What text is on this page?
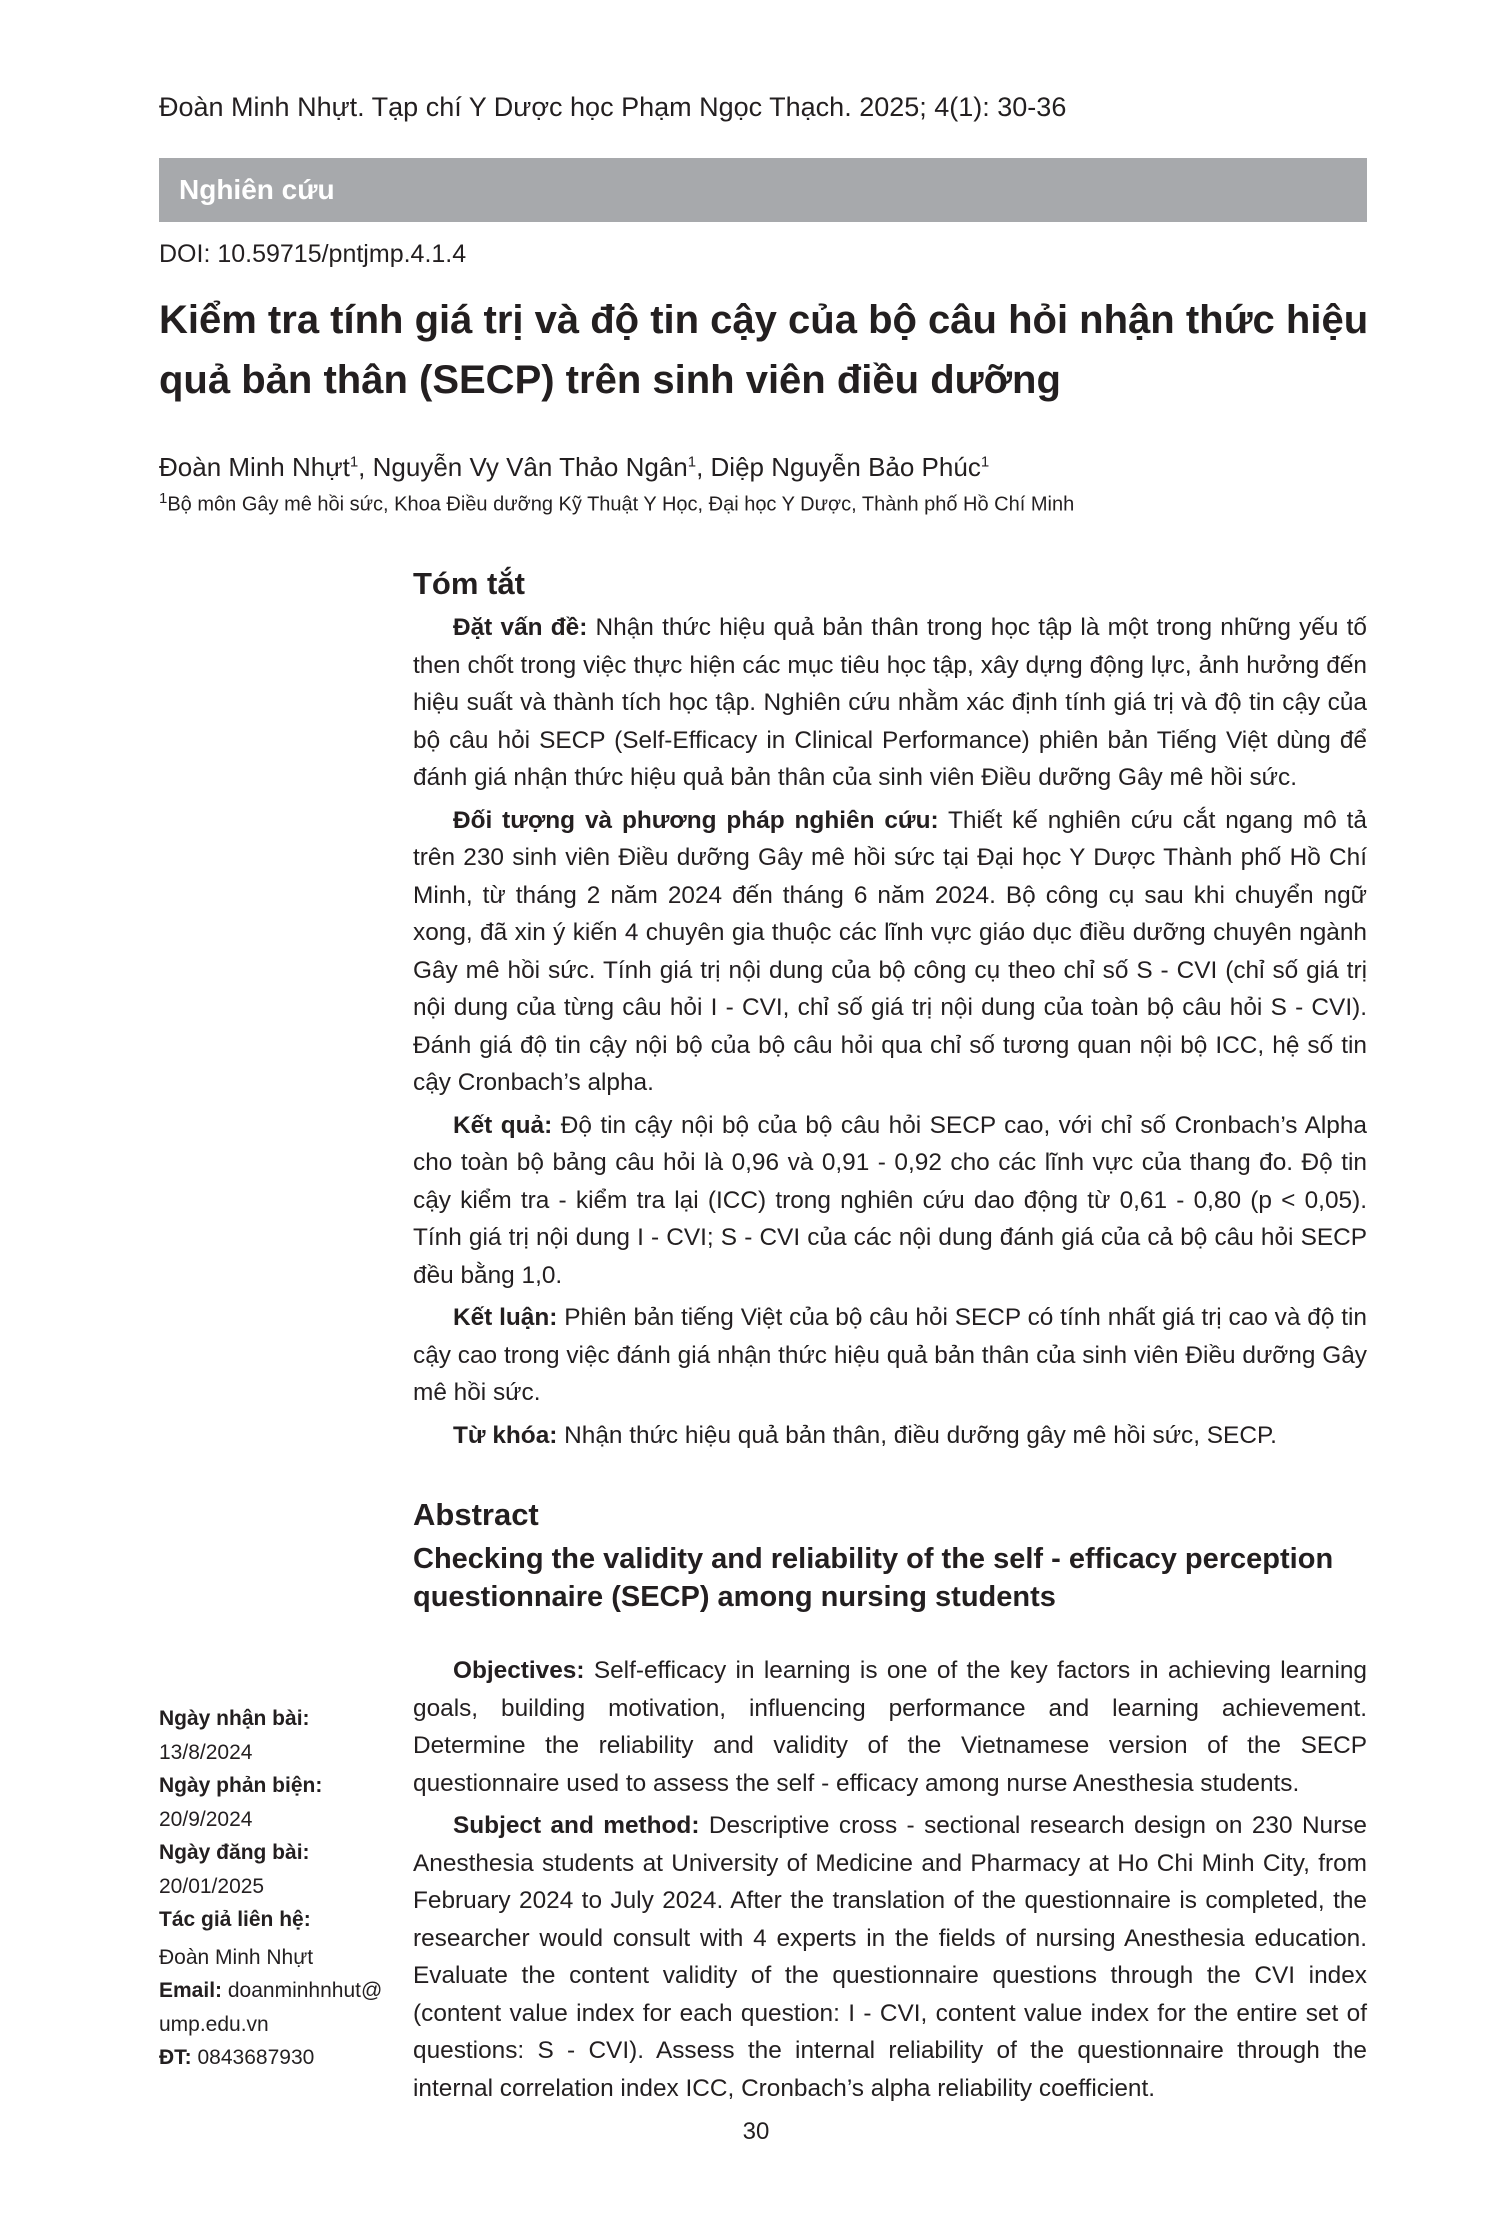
Đoàn Minh Nhựt. Tạp chí Y Dược học Phạm Ngọc Thạch. 2025; 4(1): 30-36
Nghiên cứu
DOI: 10.59715/pntjmp.4.1.4
Kiểm tra tính giá trị và độ tin cậy của bộ câu hỏi nhận thức hiệu quả bản thân (SECP) trên sinh viên điều dưỡng
Đoàn Minh Nhựt$^1$, Nguyễn Vy Vân Thảo Ngân$^1$, Diệp Nguyễn Bảo Phúc$^1$
$^1$Bộ môn Gây mê hồi sức, Khoa Điều dưỡng Kỹ Thuật Y Học, Đại học Y Dược, Thành phố Hồ Chí Minh
Tóm tắt

Đặt vấn đề: Nhận thức hiệu quả bản thân trong học tập là một trong những yếu tố then chốt trong việc thực hiện các mục tiêu học tập, xây dựng động lực, ảnh hưởng đến hiệu suất và thành tích học tập. Nghiên cứu nhằm xác định tính giá trị và độ tin cậy của bộ câu hỏi SECP (Self-Efficacy in Clinical Performance) phiên bản Tiếng Việt dùng để đánh giá nhận thức hiệu quả bản thân của sinh viên Điều dưỡng Gây mê hồi sức.

Đối tượng và phương pháp nghiên cứu: Thiết kế nghiên cứu cắt ngang mô tả trên 230 sinh viên Điều dưỡng Gây mê hồi sức tại Đại học Y Dược Thành phố Hồ Chí Minh, từ tháng 2 năm 2024 đến tháng 6 năm 2024. Bộ công cụ sau khi chuyển ngữ xong, đã xin ý kiến 4 chuyên gia thuộc các lĩnh vực giáo dục điều dưỡng chuyên ngành Gây mê hồi sức. Tính giá trị nội dung của bộ công cụ theo chỉ số S - CVI (chỉ số giá trị nội dung của từng câu hỏi I - CVI, chỉ số giá trị nội dung của toàn bộ câu hỏi S - CVI). Đánh giá độ tin cậy nội bộ của bộ câu hỏi qua chỉ số tương quan nội bộ ICC, hệ số tin cậy Cronbach’s alpha.

Kết quả: Độ tin cậy nội bộ của bộ câu hỏi SECP cao, với chỉ số Cronbach’s Alpha cho toàn bộ bảng câu hỏi là 0,96 và 0,91 - 0,92 cho các lĩnh vực của thang đo. Độ tin cậy kiểm tra - kiểm tra lại (ICC) trong nghiên cứu dao động từ 0,61 - 0,80 (p < 0,05). Tính giá trị nội dung I - CVI; S - CVI của các nội dung đánh giá của cả bộ câu hỏi SECP đều bằng 1,0.

Kết luận: Phiên bản tiếng Việt của bộ câu hỏi SECP có tính nhất giá trị cao và độ tin cậy cao trong việc đánh giá nhận thức hiệu quả bản thân của sinh viên Điều dưỡng Gây mê hồi sức.

Từ khóa: Nhận thức hiệu quả bản thân, điều dưỡng gây mê hồi sức, SECP.

Abstract
Checking the validity and reliability of the self - efficacy perception questionnaire (SECP) among nursing students

Objectives: Self-efficacy in learning is one of the key factors in achieving learning goals, building motivation, influencing performance and learning achievement. Determine the reliability and validity of the Vietnamese version of the SECP questionnaire used to assess the self - efficacy among nurse Anesthesia students.

Subject and method: Descriptive cross - sectional research design on 230 Nurse Anesthesia students at University of Medicine and Pharmacy at Ho Chi Minh City, from February 2024 to July 2024. After the translation of the questionnaire is completed, the researcher would consult with 4 experts in the fields of nursing Anesthesia education. Evaluate the content validity of the questionnaire questions through the CVI index (content value index for each question: I - CVI, content value index for the entire set of questions: S - CVI). Assess the internal reliability of the questionnaire through the internal correlation index ICC, Cronbach’s alpha reliability coefficient.

Ngày nhận bài:
13/8/2024
Ngày phản biện:
20/9/2024
Ngày đăng bài:
20/01/2025
Tác giả liên hệ:
Đoàn Minh Nhựt
Email: doanminhnhut@
ump.edu.vn
ĐT: 0843687930
30
